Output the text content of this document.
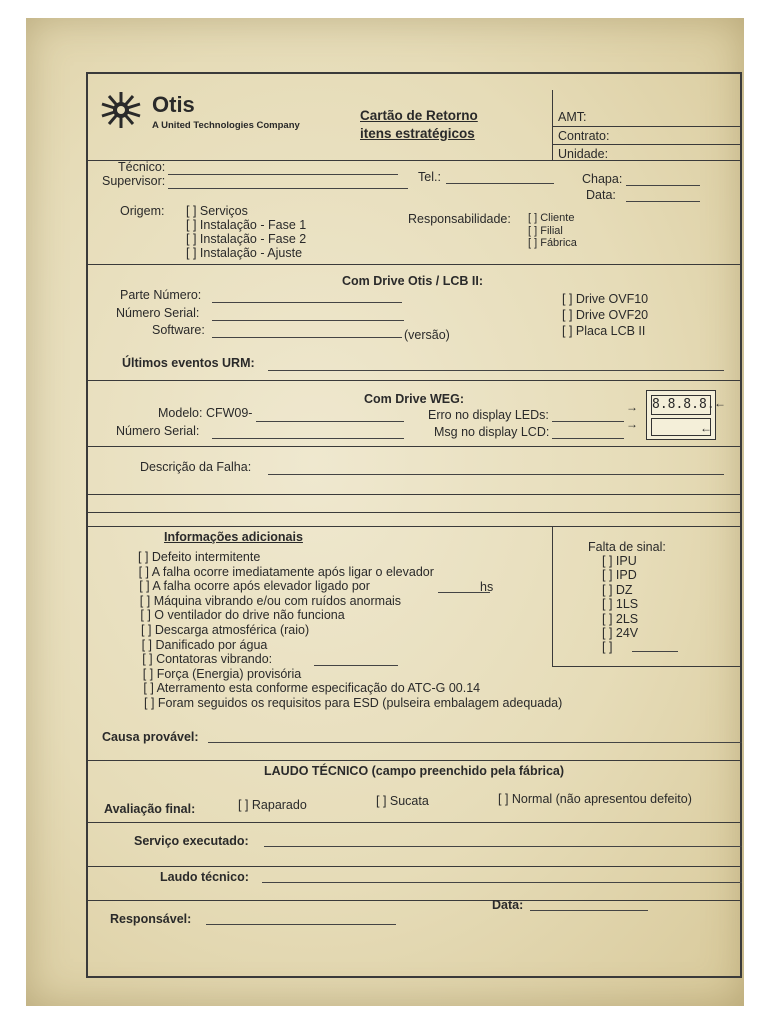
Otis
A United Technologies Company
Cartão de Retorno
itens estratégicos
AMT:
Contrato:
Unidade:
Técnico:
Supervisor:	Tel.:	Chapa:
Data:
Origem: [ ] Serviços
[ ] Instalação - Fase 1
[ ] Instalação - Fase 2
[ ] Instalação - Ajuste
Responsabilidade: [ ] Cliente
[ ] Filial
[ ] Fábrica
Com Drive Otis / LCB II:
Parte Número:
Número Serial:
Software:	(versão)
[ ] Drive OVF10
[ ] Drive OVF20
[ ] Placa LCB II
Últimos eventos URM:
Com Drive WEG:
Modelo: CFW09-
Número Serial:
Erro no display LEDs:
Msg no display LCD:
→
→
8.8.8.8. ←
←
Descrição da Falha:
Informações adicionais
[ ] Defeito intermitente
[ ] A falha ocorre imediatamente após ligar o elevador
[ ] A falha ocorre após elevador ligado por
[ ] Máquina vibrando e/ou com ruídos anormais
[ ] O ventilador do drive não funciona
[ ] Descarga atmosférica (raio)
[ ] Danificado por água
[ ] Contatoras vibrando:
[ ] Força (Energia) provisória
[ ] Aterramento esta conforme especificação do ATC-G 00.14
[ ] Foram seguidos os requisitos para ESD (pulseira embalagem adequada)
hs
Falta de sinal:
[ ] IPU
[ ] IPD
[ ] DZ
[ ] 1LS
[ ] 2LS
[ ] 24V
[ ]
Causa provável:
LAUDO TÉCNICO (campo preenchido pela fábrica)
Avaliação final:	[ ] Raparado	[ ] Sucata	[ ] Normal (não apresentou defeito)
Serviço executado:
Laudo técnico:
Responsável:
Data:
